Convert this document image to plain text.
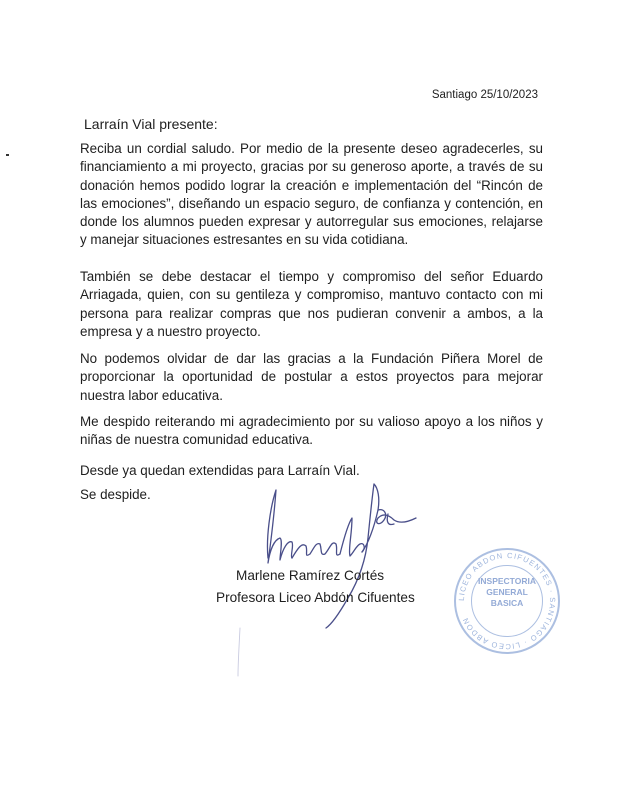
Santiago 25/10/2023
Larraín Vial presente:

Reciba un cordial saludo. Por medio de la presente deseo agradecerles, su financiamiento a mi proyecto, gracias por su generoso aporte, a través de su donación hemos podido lograr la creación e implementación del “Rincón de las emociones”, diseñando un espacio seguro, de confianza y contención, en donde los alumnos pueden expresar y autorregular sus emociones, relajarse y manejar situaciones estresantes en su vida cotidiana.

También se debe destacar el tiempo y compromiso del señor Eduardo Arriagada, quien, con su gentileza y compromiso, mantuvo contacto con mi persona para realizar compras que nos pudieran convenir a ambos, a la empresa y a nuestro proyecto.

No podemos olvidar de dar las gracias a la Fundación Piñera Morel de proporcionar la oportunidad de postular a estos proyectos para mejorar nuestra labor educativa.

Me despido reiterando mi agradecimiento por su valioso apoyo a los niños y niñas de nuestra comunidad educativa.

Desde ya quedan extendidas para Larraín Vial.

Se despide.
Marlene Ramírez Cortés
Profesora Liceo Abdón Cifuentes	LICEO ABDON CIFUENTES · SANTIAGO · LICEO ABDON
INSPECTORIA
GENERAL
BASICA
